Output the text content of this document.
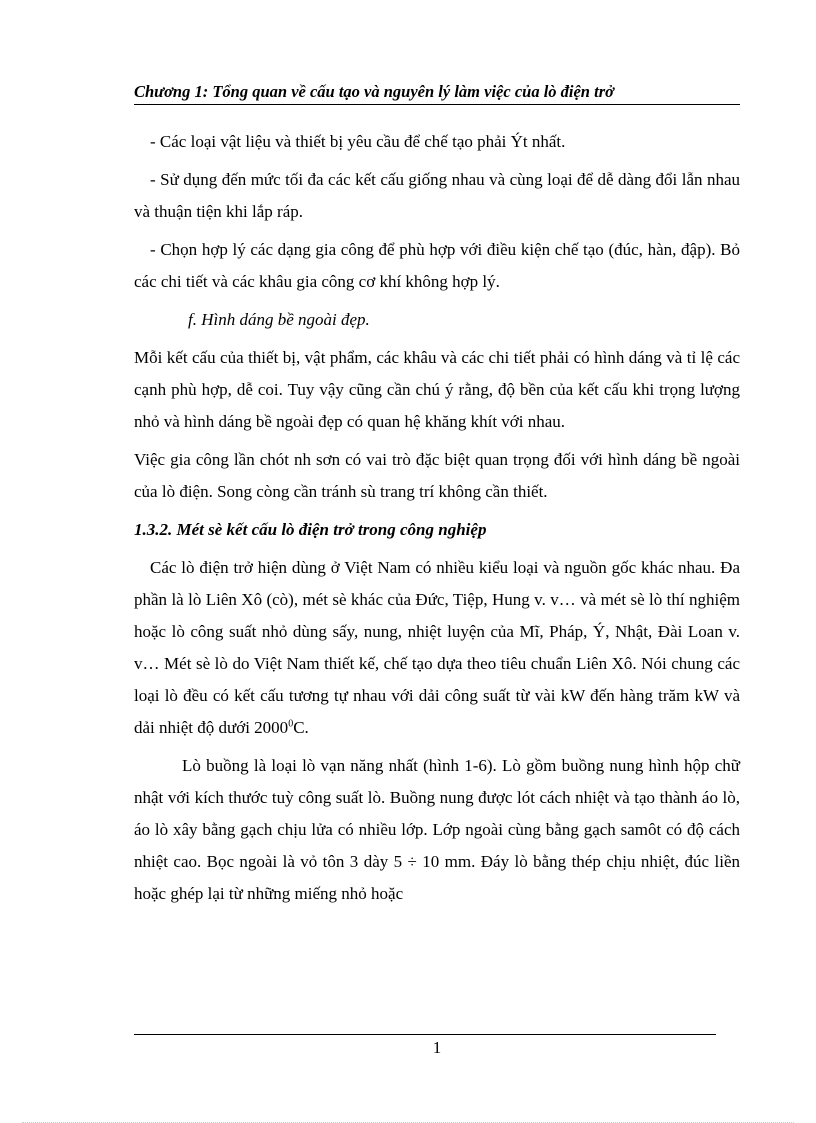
Chương 1: Tổng quan về cấu tạo và nguyên lý làm việc của lò điện trở

- Các loại vật liệu và thiết bị yêu cầu để chế tạo phải Ýt nhất.

- Sử dụng đến mức tối đa các kết cấu giống nhau và cùng loại để dễ dàng đổi lẫn nhau và thuận tiện khi lắp ráp.

- Chọn hợp lý các dạng gia công để phù hợp với điều kiện chế tạo (đúc, hàn, đập). Bỏ các chi tiết và các khâu gia công cơ khí không hợp lý.

f. Hình dáng bề ngoài đẹp.

Mỗi kết cấu của thiết bị, vật phẩm, các khâu và các chi tiết phải có hình dáng và tỉ lệ các cạnh phù hợp, dễ coi. Tuy vậy cũng cần chú ý rằng, độ bền của kết cấu khi trọng lượng nhỏ và hình dáng bề ngoài đẹp có quan hệ khăng khít với nhau.

Việc gia công lần chót nh sơn có vai trò đặc biệt quan trọng đối với hình dáng bề ngoài của lò điện. Song còng cần tránh sù trang trí không cần thiết.

1.3.2. Mét sè kết cấu lò điện trở trong công nghiệp

Các lò điện trở hiện dùng ở Việt Nam có nhiều kiểu loại và nguồn gốc khác nhau. Đa phần là lò Liên Xô (cò), mét sè khác của Đức, Tiệp, Hung v. v… và mét sè lò thí nghiệm hoặc lò công suất nhỏ dùng sấy, nung, nhiệt luyện của Mĩ, Pháp, Ý, Nhật, Đài Loan v. v… Mét sè lò do Việt Nam thiết kế, chế tạo dựa theo tiêu chuẩn Liên Xô. Nói chung các loại lò đều có kết cấu tương tự nhau với dải công suất từ vài kW đến hàng trăm kW và dải nhiệt độ dưới 2000$^0$C.

Lò buồng là loại lò vạn năng nhất (hình 1-6). Lò gồm buồng nung hình hộp chữ nhật với kích thước tuỳ công suất lò. Buồng nung được lót cách nhiệt và tạo thành áo lò, áo lò xây bằng gạch chịu lửa có nhiều lớp. Lớp ngoài cùng bằng gạch samôt có độ cách nhiệt cao. Bọc ngoài là vỏ tôn 3 dày 5 ÷ 10 mm. Đáy lò bằng thép chịu nhiệt, đúc liền hoặc ghép lại từ những miếng nhỏ hoặc

1
